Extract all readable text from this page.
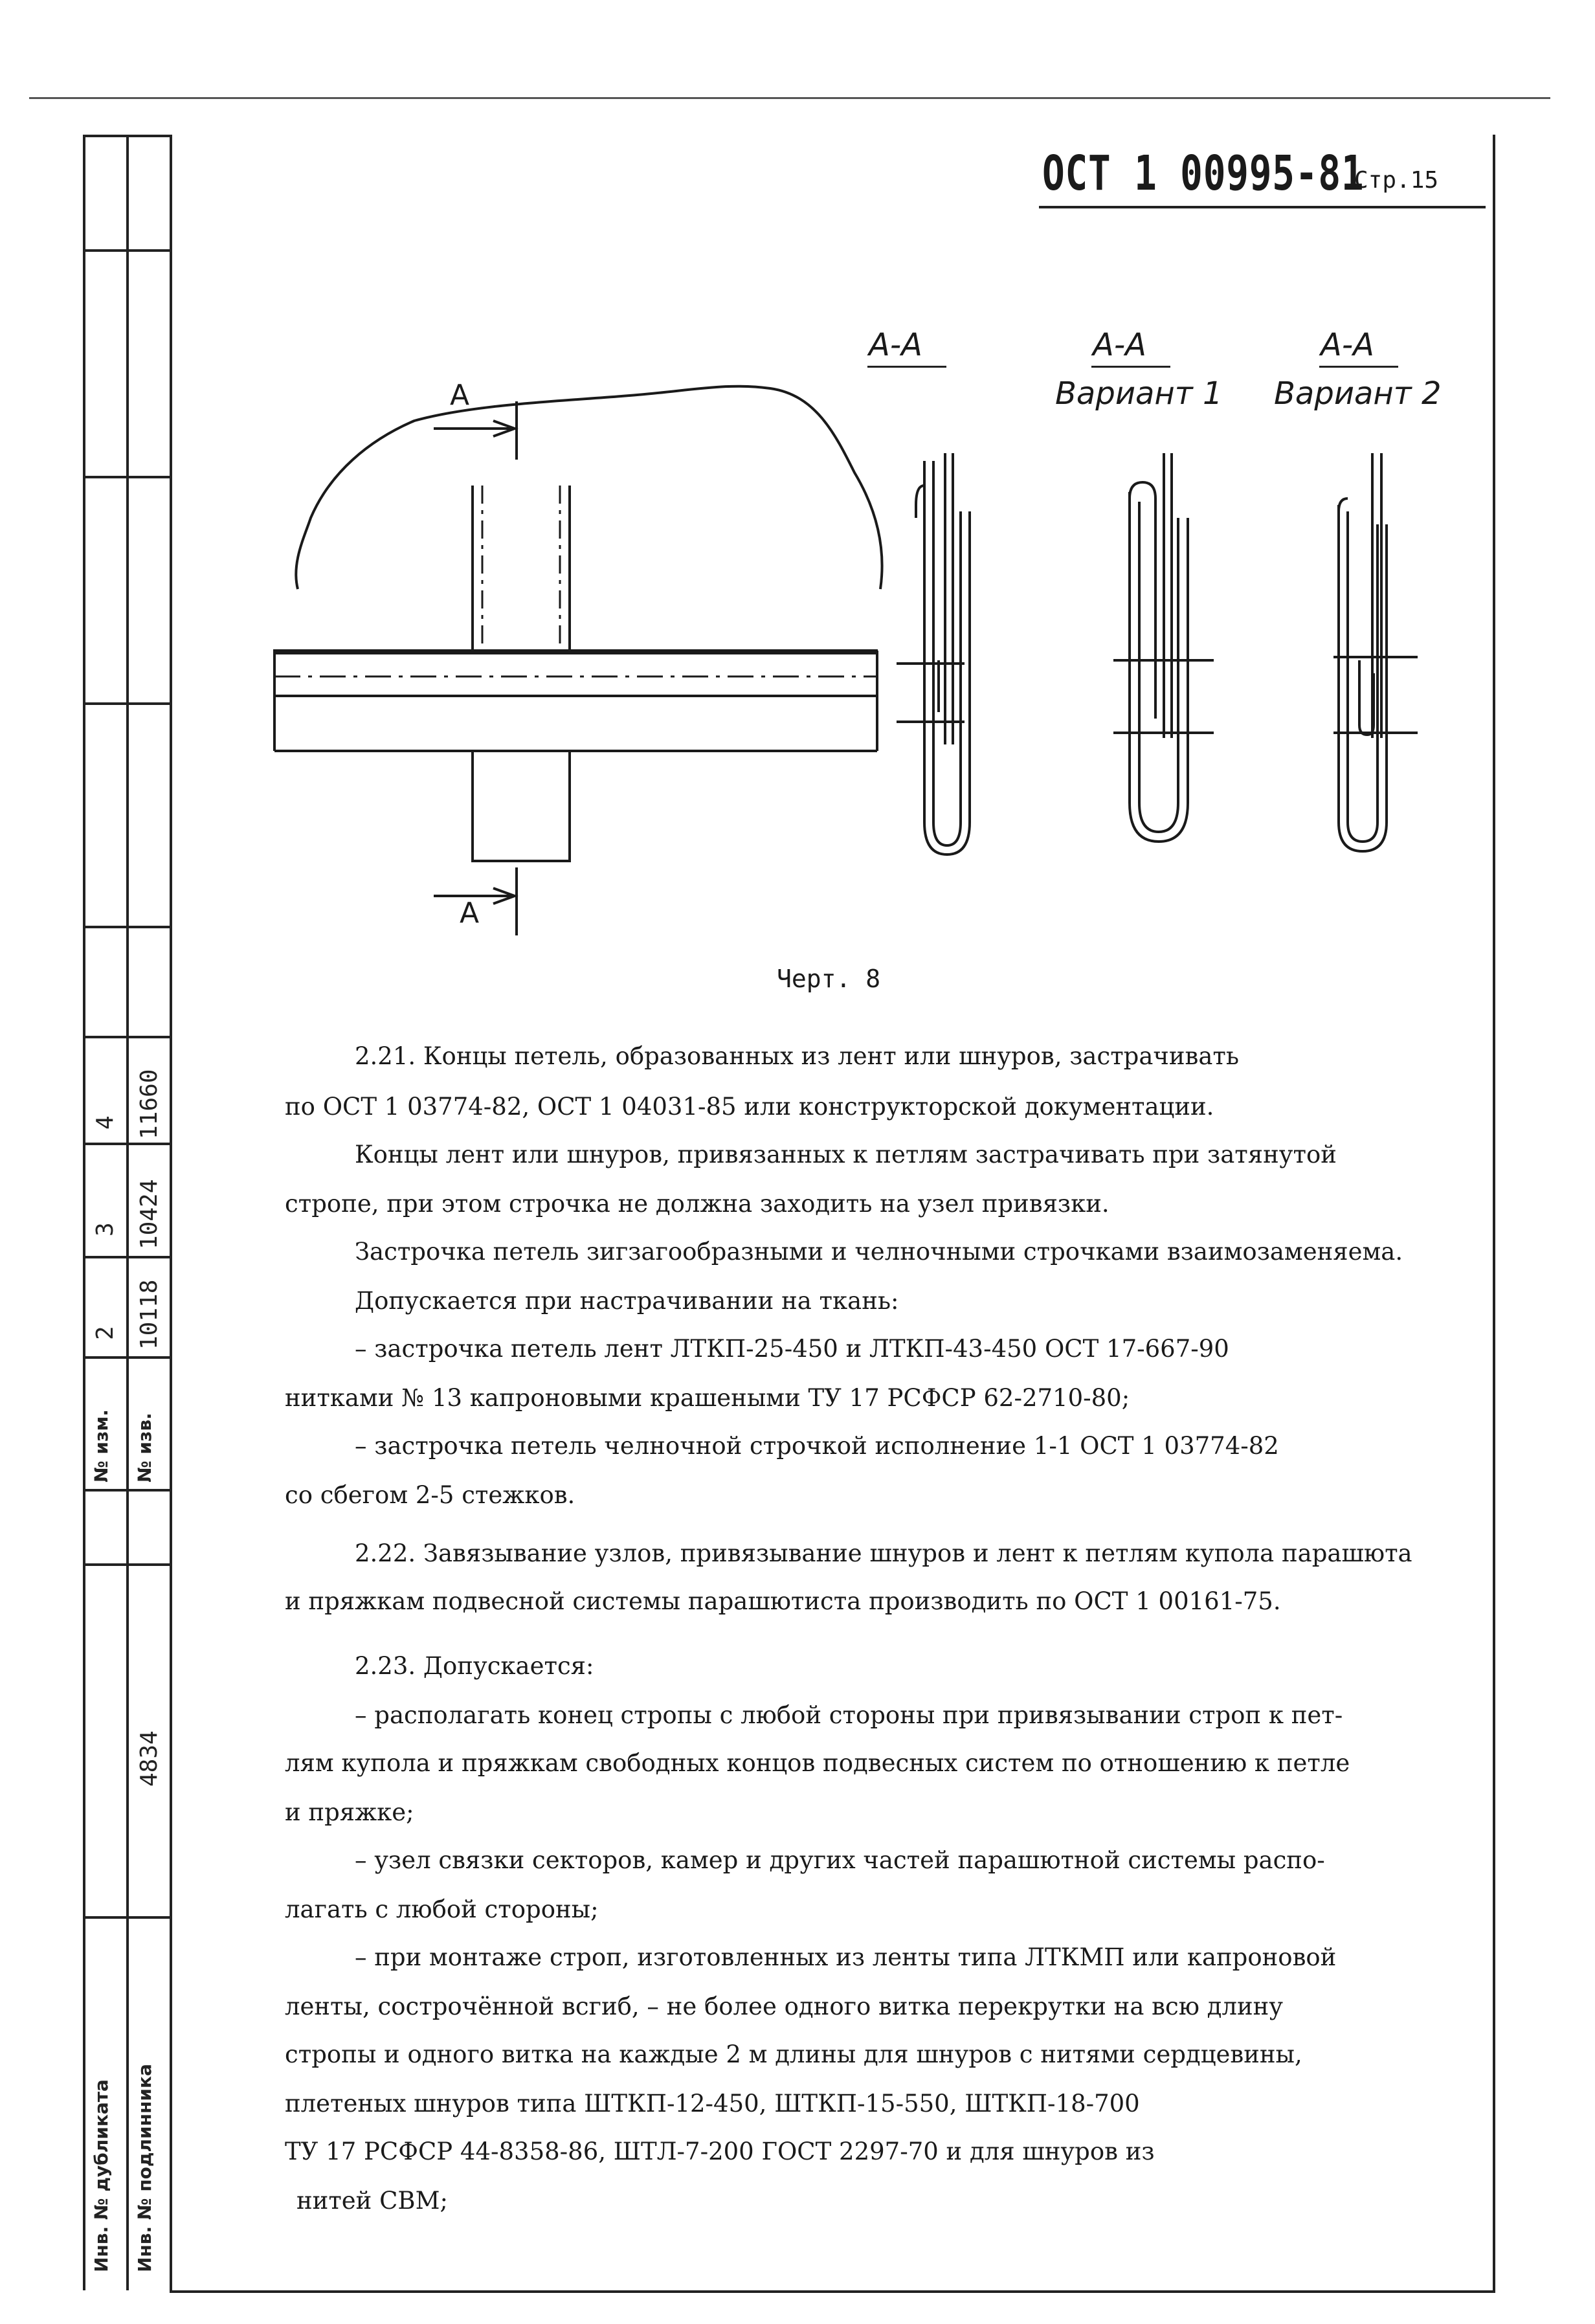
№ изм. № изв.
2
3
4
10118
10424
11660
4834
Инв. № дубликата Инв. № подлинника
ОСТ 1 00995-81
Стр.15
А
А
А-А	А-А
Вариант 1
А-А
Вариант 2
Черт. 8
2.21. Концы петель, образованных из лент или шнуров, застрачивать
по ОСТ 1 03774-82, ОСТ 1 04031-85 или конструкторской документации.
Концы лент или шнуров, привязанных к петлям застрачивать при затянутой
стропе, при этом строчка не должна заходить на узел привязки.
Застрочка петель зигзагообразными и челночными строчками взаимозаменяема.
Допускается при настрачивании на ткань:
– застрочка петель лент ЛТКП-25-450 и ЛТКП-43-450 ОСТ 17-667-90
нитками № 13 капроновыми крашеными ТУ 17 РСФСР 62-2710-80;
– застрочка петель челночной строчкой исполнение 1-1 ОСТ 1 03774-82
со сбегом 2-5 стежков.
2.22. Завязывание узлов, привязывание шнуров и лент к петлям купола парашюта
и пряжкам подвесной системы парашютиста производить по ОСТ 1 00161-75.
2.23. Допускается:
– располагать конец стропы с любой стороны при привязывании строп к пет-
лям купола и пряжкам свободных концов подвесных систем по отношению к петле
и пряжке;
– узел связки секторов, камер и других частей парашютной системы распо-
лагать с любой стороны;
– при монтаже строп, изготовленных из ленты типа ЛТКМП или капроновой
ленты, сострочённой всгиб, – не более одного витка перекрутки на всю длину
стропы и одного витка на каждые 2 м длины для шнуров с нитями сердцевины,
плетеных шнуров типа ШТКП-12-450, ШТКП-15-550, ШТКП-18-700
ТУ 17 РСФСР 44-8358-86, ШТЛ-7-200 ГОСТ 2297-70 и для шнуров из
нитей СВМ;
